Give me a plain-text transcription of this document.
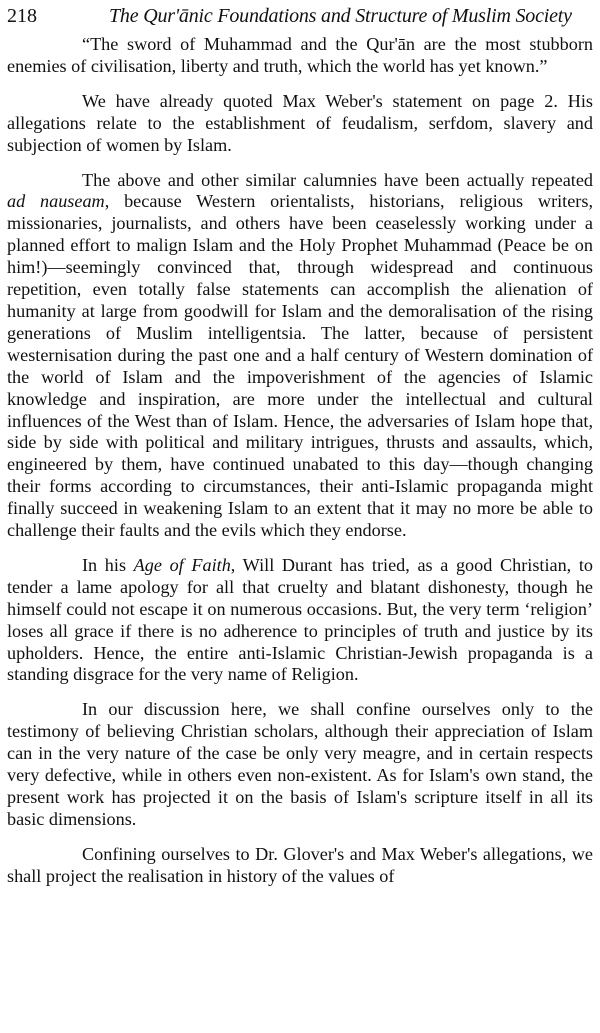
218	The Qur'ānic Foundations and Structure of Muslim Society

“The sword of Muhammad and the Qur'ān are the most stubborn enemies of civilisation, liberty and truth, which the world has yet known.”

We have already quoted Max Weber's statement on page 2. His allegations relate to the establishment of feudalism, serfdom, slavery and subjection of women by Islam.

The above and other similar calumnies have been actually repeated ad nauseam, because Western orientalists, historians, religious writers, missionaries, journalists, and others have been ceaselessly working under a planned effort to malign Islam and the Holy Prophet Muhammad (Peace be on him!)—seemingly convinced that, through widespread and continuous repetition, even totally false statements can accomplish the alienation of humanity at large from goodwill for Islam and the demoralisation of the rising generations of Muslim intelligentsia. The latter, because of persistent westernisation during the past one and a half century of Western domination of the world of Islam and the impoverishment of the agencies of Islamic knowledge and inspiration, are more under the intellectual and cultural influences of the West than of Islam. Hence, the adversaries of Islam hope that, side by side with political and military intrigues, thrusts and assaults, which, engineered by them, have continued unabated to this day—though changing their forms according to circumstances, their anti-Islamic propaganda might finally succeed in weakening Islam to an extent that it may no more be able to challenge their faults and the evils which they endorse.

In his Age of Faith, Will Durant has tried, as a good Christian, to tender a lame apology for all that cruelty and blatant dishonesty, though he himself could not escape it on numerous occasions. But, the very term ‘religion’ loses all grace if there is no adherence to principles of truth and justice by its upholders. Hence, the entire anti-Islamic Christian-Jewish propaganda is a standing disgrace for the very name of Religion.

In our discussion here, we shall confine ourselves only to the testimony of believing Christian scholars, although their appreciation of Islam can in the very nature of the case be only very meagre, and in certain respects very defective, while in others even non-existent. As for Islam's own stand, the present work has projected it on the basis of Islam's scripture itself in all its basic dimensions.

Confining ourselves to Dr. Glover's and Max Weber's allegations, we shall project the realisation in history of the values of
